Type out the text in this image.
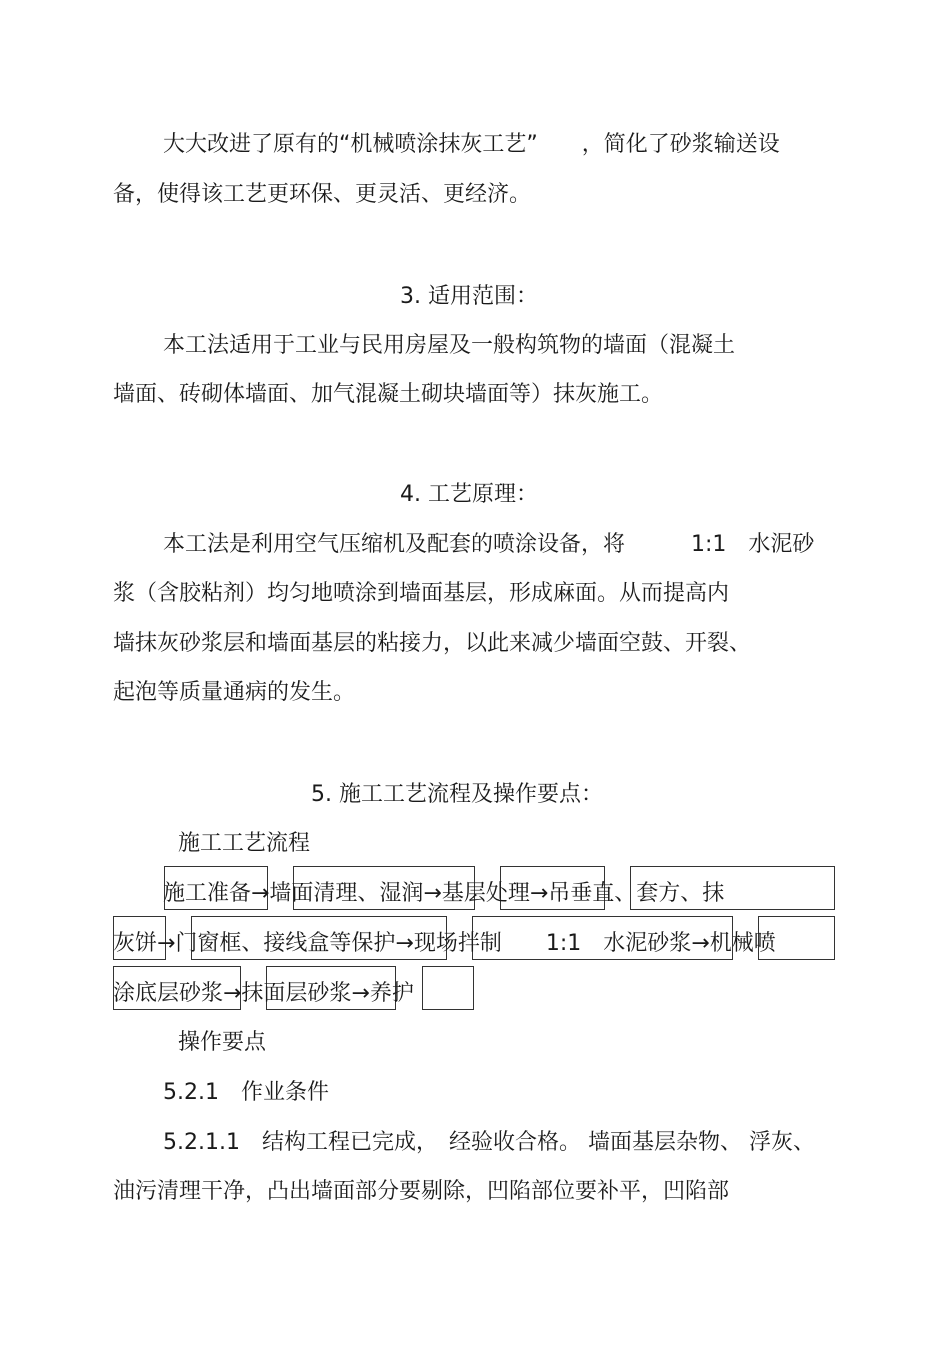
大大改进了原有的“机械喷涂抹灰工艺”　　，简化了砂浆输送设
备，使得该工艺更环保、更灵活、更经济。
3. 适用范围：
本工法适用于工业与民用房屋及一般构筑物的墙面（混凝土
墙面、砖砌体墙面、加气混凝土砌块墙面等）抹灰施工。
4. 工艺原理：
本工法是利用空气压缩机及配套的喷涂设备，将　　　1:1　水泥砂
浆（含胶粘剂）均匀地喷涂到墙面基层，形成麻面。从而提高内
墙抹灰砂浆层和墙面基层的粘接力，以此来减少墙面空鼓、开裂、
起泡等质量通病的发生。
5. 施工工艺流程及操作要点：
施工工艺流程
施工准备→墙面清理、湿润→基层处理→吊垂直、套方、抹
灰饼→门窗框、接线盒等保护→现场拌制　　1:1　水泥砂浆→机械喷
涂底层砂浆→抹面层砂浆→养护
操作要点
5.2.1　作业条件
5.2.1.1　结构工程已完成，　经验收合格。 墙面基层杂物、 浮灰、
油污清理干净，凸出墙面部分要剔除，凹陷部位要补平，凹陷部
